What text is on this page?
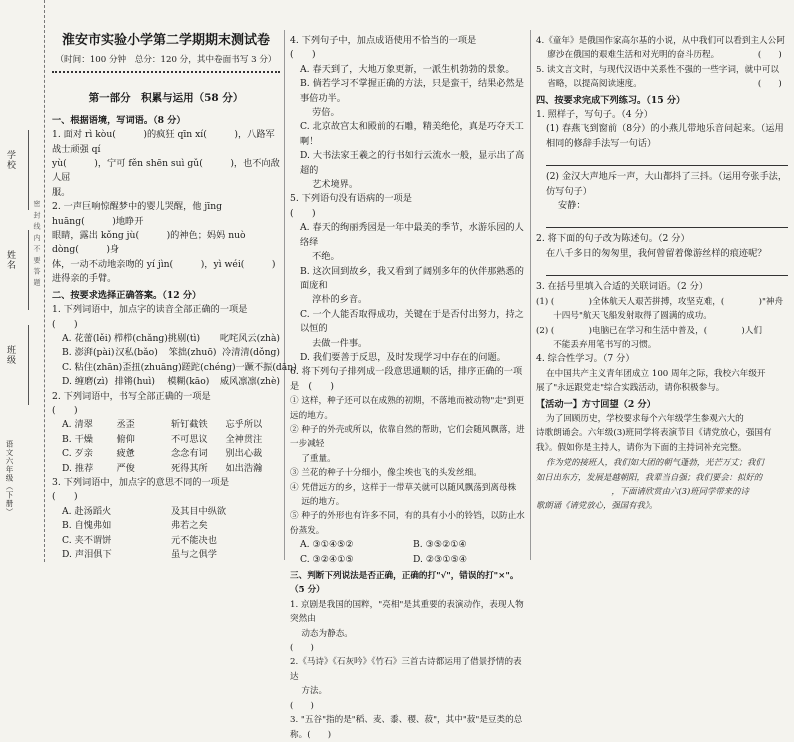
学校
姓名
班级
语文六年级（下册）
密 封 线 内 不 要 答 题
淮安市实验小学第二学期期末测试卷
（时间：100 分钟　总分：120 分，其中卷面书写 3 分）
第一部分　积累与运用（58 分）

一、根据语境，写词语。（8 分）

1. 面对 rì kòu(　　　)的疯狂 qīn xí(　　　)，八路军战士顽强 qí

yù(　　　)，宁可 fěn shēn suì gǔ(　　　)，也不向敌人屈

服。

2. 一声巨响惊醒梦中的婴儿哭醒，他 jīng huāng(　　　)地睁开

眼睛，露出 kǒng jù(　　　)的神色；妈妈 nuò dòng(　　　)身

体，一动不动地亲吻的 yí jìn(　　　)，yì wéi(　　　)进得亲的手臂。

二、按要求选择正确答案。（12 分）

1. 下列词语中，加点字的读音全部正确的一项是　　　　　(　　)

A. 花蕾(lěi) 栉栉(chǎng) 挑剔(tì)	叱咤风云(zhà)
B. 澎湃(pài) 汉私(bǎo)	笨拙(zhuō) 冷清清(dǒng)
C. 粘住(zhān) 歪扭(zhuāng) 蹉跎(chéng) 一蹶不振(dān)
D. 缠磨(zì) 排锵(huì)	模糊(kāo)	威风凛凛(zhè)

2. 下列词语中，书写全部正确的一项是　　　　　　　(　　)

A. 清翠	丞歪	斩钉截铁	忘乎所以
B. 干燥	俯仰	不可思议	全神贯注
C. 歹亲	疲惫	念念有词	别出心裁
D. 推荐	严俊	死得其所	如出浩瀚

3. 下列词语中，加点字的意思不同的一项是　　　　　(　　)

A. 赴汤蹈火	及其目中纵欲
B. 自愧弗如	弗若之矣
C. 夹不谓饼	元不能决也
D. 声泪俱下	虽与之俱学

4. 下列句子中，加点成语使用不恰当的一项是　　　　　(　　)

A. 春天到了，大地万象更新，一派生机勃勃的景象。

B. 倘若学习不掌握正确的方法，只是蛮干，结果必然是事倍功半。

　 劳倍。

C. 北京故宫太和殿前的石雕，精美绝伦，真是巧夺天工啊！

D. 大书法家王羲之的行书如行云流水一般，显示出了高超的

　 艺术境界。

5. 下列语句没有语病的一项是　　　　　　　　　　　　(　　)

A. 春天的绚丽秀园是一年中最美的季节，水游乐园的人络绎

　 不绝。

B. 这次回到故乡，我又看到了阔别多年的伙伴那熟悉的面庞和

　 淳朴的乡音。

C. 一个人能否取得成功，关键在于是否付出努力，持之以恒的

　 去做一件事。

D. 我们要善于反思，及时发现学习中存在的问题。

6. 将下列句子排列成一段意思通顺的话，排序正确的一项是　(　　)

① 这样，种子还可以在成熟的初期，不落地而被动物"走"到更远的地方。

② 种子的外壳或所以，依靠自然的帮助，它们会随风飘落，进一步减轻

　 了重量。

③ 兰花的种子十分细小，像尘埃也飞的头发丝细。

④ 凭借远方的乡，这样于一带草关就可以随风飘荡到离母株

　 远的地方。

⑤ 种子的外形也有许多不同，有的具有小小的铃铛，以防止水份蒸发。

A. ③①④⑤②	B. ③⑤②①④
C. ③②④①⑤	D. ②③①⑤④

三、判断下列说法是否正确，正确的打"√"，错误的打"×"。（5 分）

1. 京剧是我国的国粹，"亮相"是其重要的表演动作，表现人物突然由

　 动态为静态。　　　　　　　　　　　　　　　　　　　(　　)

2.《马诗》《石灰吟》《竹石》三首古诗都运用了借景抒情的表达

　 方法。　　　　　　　　　　　　　　　　　　　　　　(　　)

3. "五谷"指的是"稻、麦、黍、稷、菽"，其中"菽"是豆类的总称。(　　)

4.《童年》是俄国作家高尔基的小说，从中我们可以看到主人公阿

　 廖沙在俄国的艰难生活和对光明的奋斗历程。　　　　　(　　)

5. 读文言文时，与现代汉语中关系性不强的一些字词，就中可以

　 省略，以提高阅读速度。　　　　　　　　　　　　　　(　　)

四、按要求完成下列练习。（15 分）

1. 照样子，写句子。（4 分）

(1) 春燕飞到窗前（8分）的小燕儿带地乐音问起来。（运用相同的修辞手法写一句话）

(2) 金汉大声地斥一声，大山都抖了三抖。（运用夸张手法，仿写句子）

安静：

2. 将下面的句子改为陈述句。（2 分）

在八千多日的匆匆里，我何曾留着像游丝样的痕迹呢？

3. 在括号里填入合适的关联词语。（2 分）

(1) (　　　　)全体航天人艰苦拼搏，攻坚克难，(　　　　)"神舟

　　十四号"航天飞船发射取得了圆满的成功。

(2) (　　　　)电脑已在学习和生活中普及，(　　　　)人们

　　不能丢弃用笔书写的习惯。

4. 综合性学习。（7 分）

在中国共产主义青年团成立 100 周年之际，我校六年级开

展了"永远跟党走"综合实践活动，请你积极参与。

【活动一】方寸回望（2 分）

为了回顾历史，学校要求每个六年级学生参观六大的

诗歌朗诵会。六年级(3)班同学将表演节目《请党放心，强国有

我》。假如你是主持人，请你为下面的主持词补充完整。

作为党的接班人，我们如大团的朝气蓬勃，光芒万丈；我们

如日出东方，发展是越朝阳，我辈当自强；我们要会：拟好的

　　　　　　　　　，下面请欣赏由六(3)班同学带来的诗

歌朗诵《请党放心，强国有我》。
